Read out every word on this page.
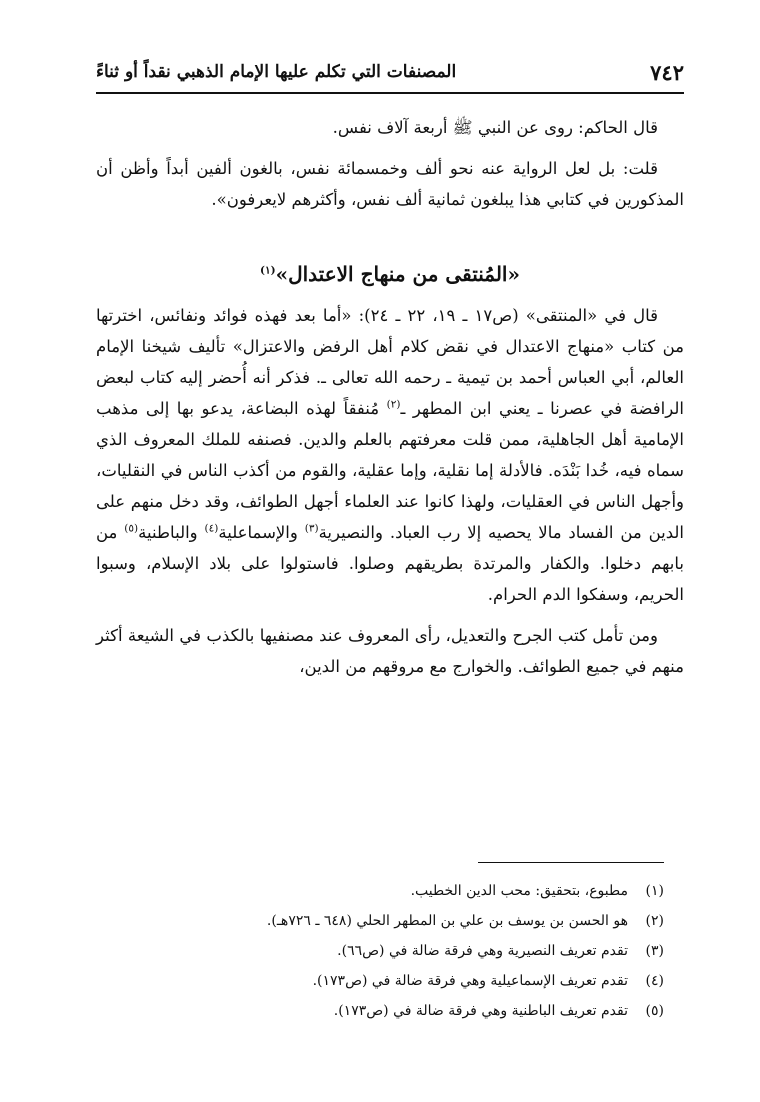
٧٤٢
المصنفات التي تكلم عليها الإمام الذهبي نقداً أو ثناءً

قال الحاكم: روى عن النبي ﷺ أربعة آلاف نفس.

قلت: بل لعل الرواية عنه نحو ألف وخمسمائة نفس، بالغون ألفين أبداً وأظن أن المذكورين في كتابي هذا يبلغون ثمانية ألف نفس، وأكثرهم لايعرفون».

«المُنتقى من منهاج الاعتدال»$^{(١)}$

قال في «المنتقى» (ص١٧ ـ ١٩، ٢٢ ـ ٢٤): «أما بعد فهذه فوائد ونفائس، اخترتها من كتاب «منهاج الاعتدال في نقض كلام أهل الرفض والاعتزال» تأليف شيخنا الإمام العالم، أبي العباس أحمد بن تيمية ـ رحمه الله تعالى ـ. فذكر أنه أُحضر إليه كتاب لبعض الرافضة في عصرنا ـ يعني ابن المطهر ـ$^{(٢)}$ مُنفقاً لهذه البضاعة، يدعو بها إلى مذهب الإمامية أهل الجاهلية، ممن قلت معرفتهم بالعلم والدين. فصنفه للملك المعروف الذي سماه فيه، خُدا بَنْدَه. فالأدلة إما نقلية، وإما عقلية، والقوم من أكذب الناس في النقليات، وأجهل الناس في العقليات، ولهذا كانوا عند العلماء أجهل الطوائف، وقد دخل منهم على الدين من الفساد مالا يحصيه إلا رب العباد. والنصيرية$^{(٣)}$ والإسماعلية$^{(٤)}$ والباطنية$^{(٥)}$ من بابهم دخلوا. والكفار والمرتدة بطريقهم وصلوا. فاستولوا على بلاد الإسلام، وسبوا الحريم، وسفكوا الدم الحرام.

ومن تأمل كتب الجرح والتعديل، رأى المعروف عند مصنفيها بالكذب في الشيعة أكثر منهم في جميع الطوائف. والخوارج مع مروقهم من الدين،

(١)
مطبوع، بتحقيق: محب الدين الخطيب.
(٢)
هو الحسن بن يوسف بن علي بن المطهر الحلي (٦٤٨ ـ ٧٢٦هـ).
(٣)
تقدم تعريف النصيرية وهي فرقة ضالة في (ص٦٦).
(٤)
تقدم تعريف الإسماعيلية وهي فرقة ضالة في (ص١٧٣).
(٥)
تقدم تعريف الباطنية وهي فرقة ضالة في (ص١٧٣).
